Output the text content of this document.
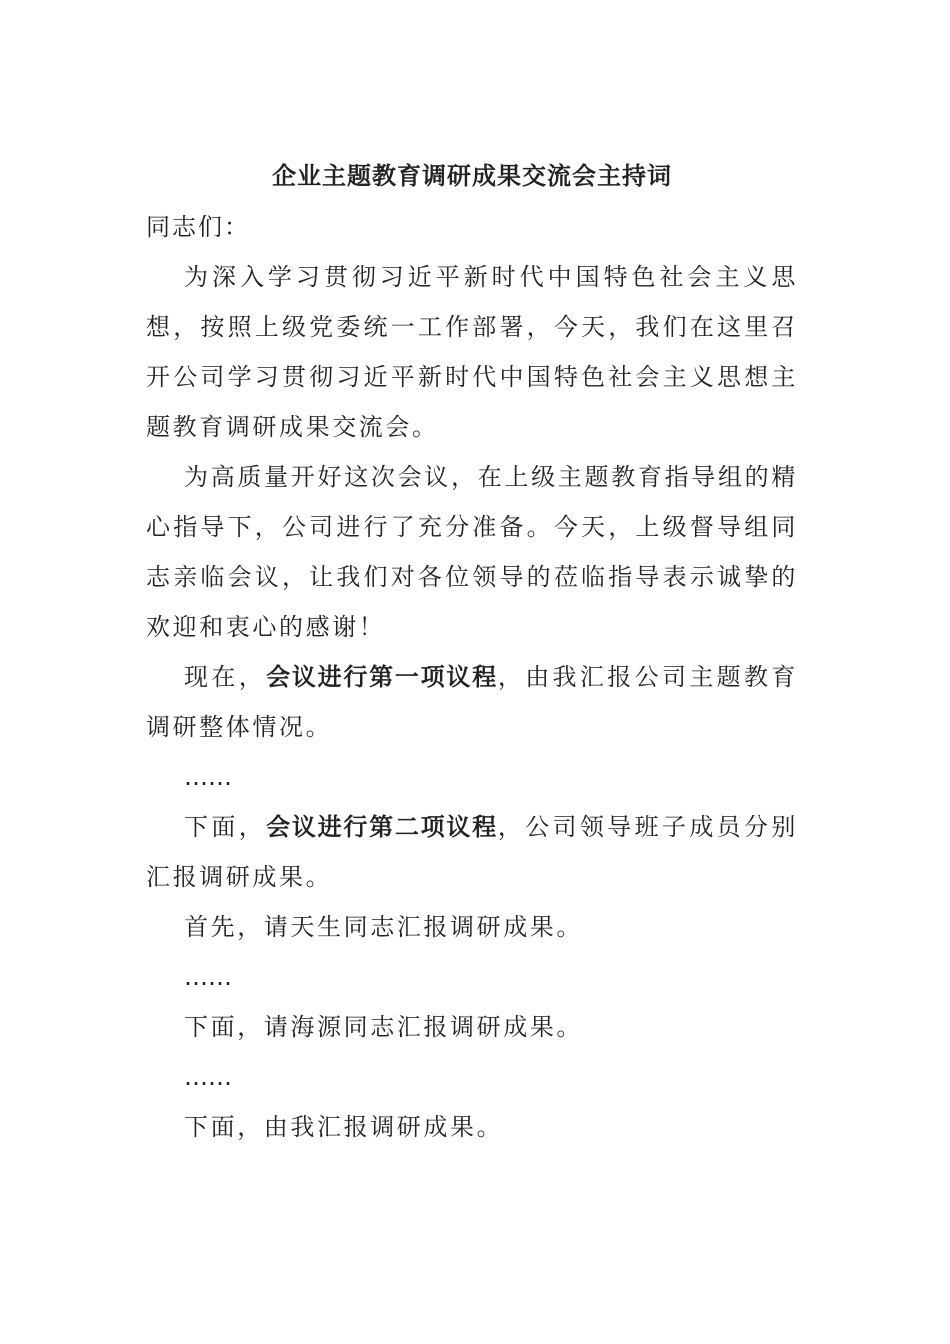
企业主题教育调研成果交流会主持词

同志们：

为深入学习贯彻习近平新时代中国特色社会主义思想，按照上级党委统一工作部署，今天，我们在这里召开公司学习贯彻习近平新时代中国特色社会主义思想主题教育调研成果交流会。

为高质量开好这次会议，在上级主题教育指导组的精心指导下，公司进行了充分准备。今天，上级督导组同志亲临会议，让我们对各位领导的莅临指导表示诚挚的欢迎和衷心的感谢！

现在，会议进行第一项议程，由我汇报公司主题教育调研整体情况。

……

下面，会议进行第二项议程，公司领导班子成员分别汇报调研成果。

首先，请天生同志汇报调研成果。

……

下面，请海源同志汇报调研成果。

……

下面，由我汇报调研成果。
